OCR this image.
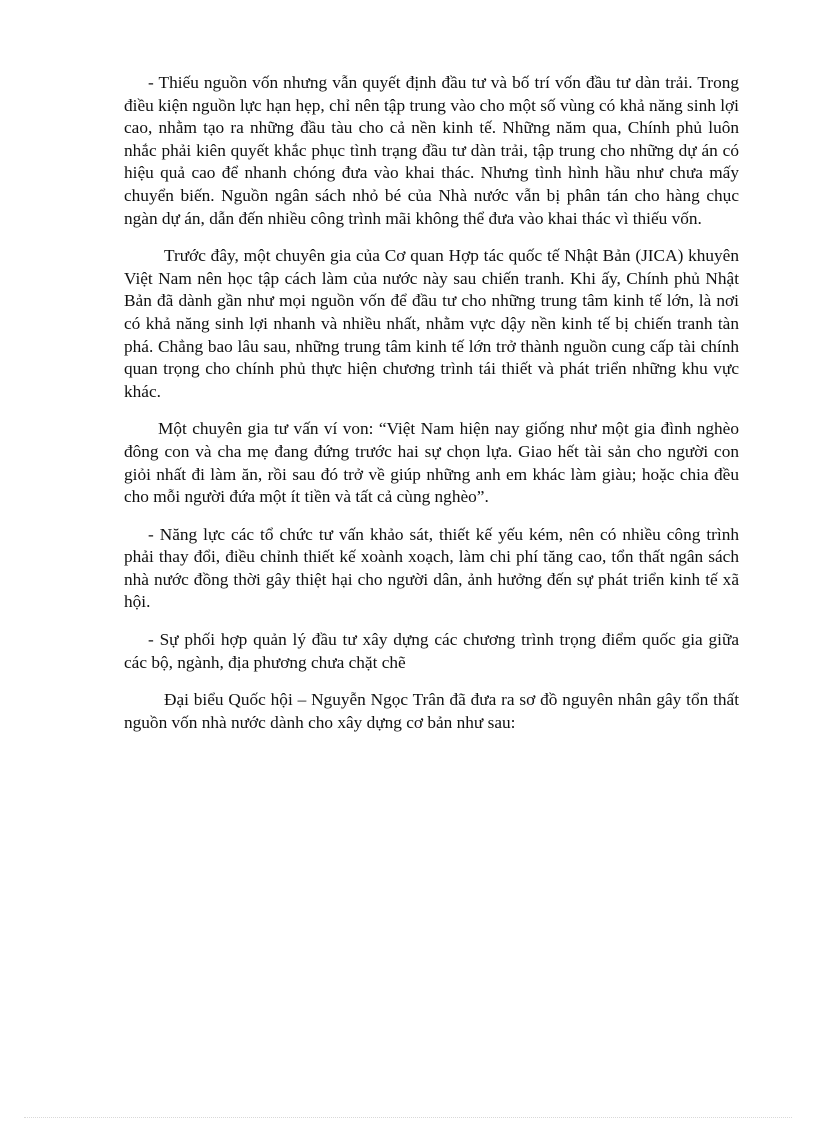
- Thiếu nguồn vốn nhưng vẫn quyết định đầu tư và bố trí vốn đầu tư dàn trải. Trong điều kiện nguồn lực hạn hẹp, chỉ nên tập trung vào cho một số vùng có khả năng sinh lợi cao, nhằm tạo ra những đầu tàu cho cả nền kinh tế. Những năm qua, Chính phủ luôn nhắc phải kiên quyết khắc phục tình trạng đầu tư dàn trải, tập trung cho những dự án có hiệu quả cao để nhanh chóng đưa vào khai thác. Nhưng tình hình hầu như chưa mấy chuyển biến. Nguồn ngân sách nhỏ bé của Nhà nước vẫn bị phân tán cho hàng chục ngàn dự án, dẫn đến nhiều công trình mãi không thể đưa vào khai thác vì thiếu vốn.

Trước đây, một chuyên gia của Cơ quan Hợp tác quốc tế Nhật Bản (JICA) khuyên Việt Nam nên học tập cách làm của nước này sau chiến tranh. Khi ấy, Chính phủ Nhật Bản đã dành gần như mọi nguồn vốn để đầu tư cho những trung tâm kinh tế lớn, là nơi có khả năng sinh lợi nhanh và nhiều nhất, nhằm vực dậy nền kinh tế bị chiến tranh tàn phá. Chẳng bao lâu sau, những trung tâm kinh tế lớn trở thành nguồn cung cấp tài chính quan trọng cho chính phủ thực hiện chương trình tái thiết và phát triển những khu vực khác.

Một chuyên gia tư vấn ví von: “Việt Nam hiện nay giống như một gia đình nghèo đông con và cha mẹ đang đứng trước hai sự chọn lựa. Giao hết tài sản cho người con giỏi nhất đi làm ăn, rồi sau đó trở về giúp những anh em khác làm giàu; hoặc chia đều cho mỗi người đứa một ít tiền và tất cả cùng nghèo”.

- Năng lực các tổ chức tư vấn khảo sát, thiết kế yếu kém, nên có nhiều công trình phải thay đổi, điều chỉnh thiết kế xoành xoạch, làm chi phí tăng cao, tổn thất ngân sách nhà nước đồng thời gây thiệt hại cho người dân, ảnh hưởng đến sự phát triển kinh tế xã hội.

- Sự phối hợp quản lý đầu tư xây dựng các chương trình trọng điểm quốc gia giữa các bộ, ngành, địa phương chưa chặt chẽ

Đại biểu Quốc hội – Nguyễn Ngọc Trân đã đưa ra sơ đồ nguyên nhân gây tổn thất nguồn vốn nhà nước dành cho xây dựng cơ bản như sau:
